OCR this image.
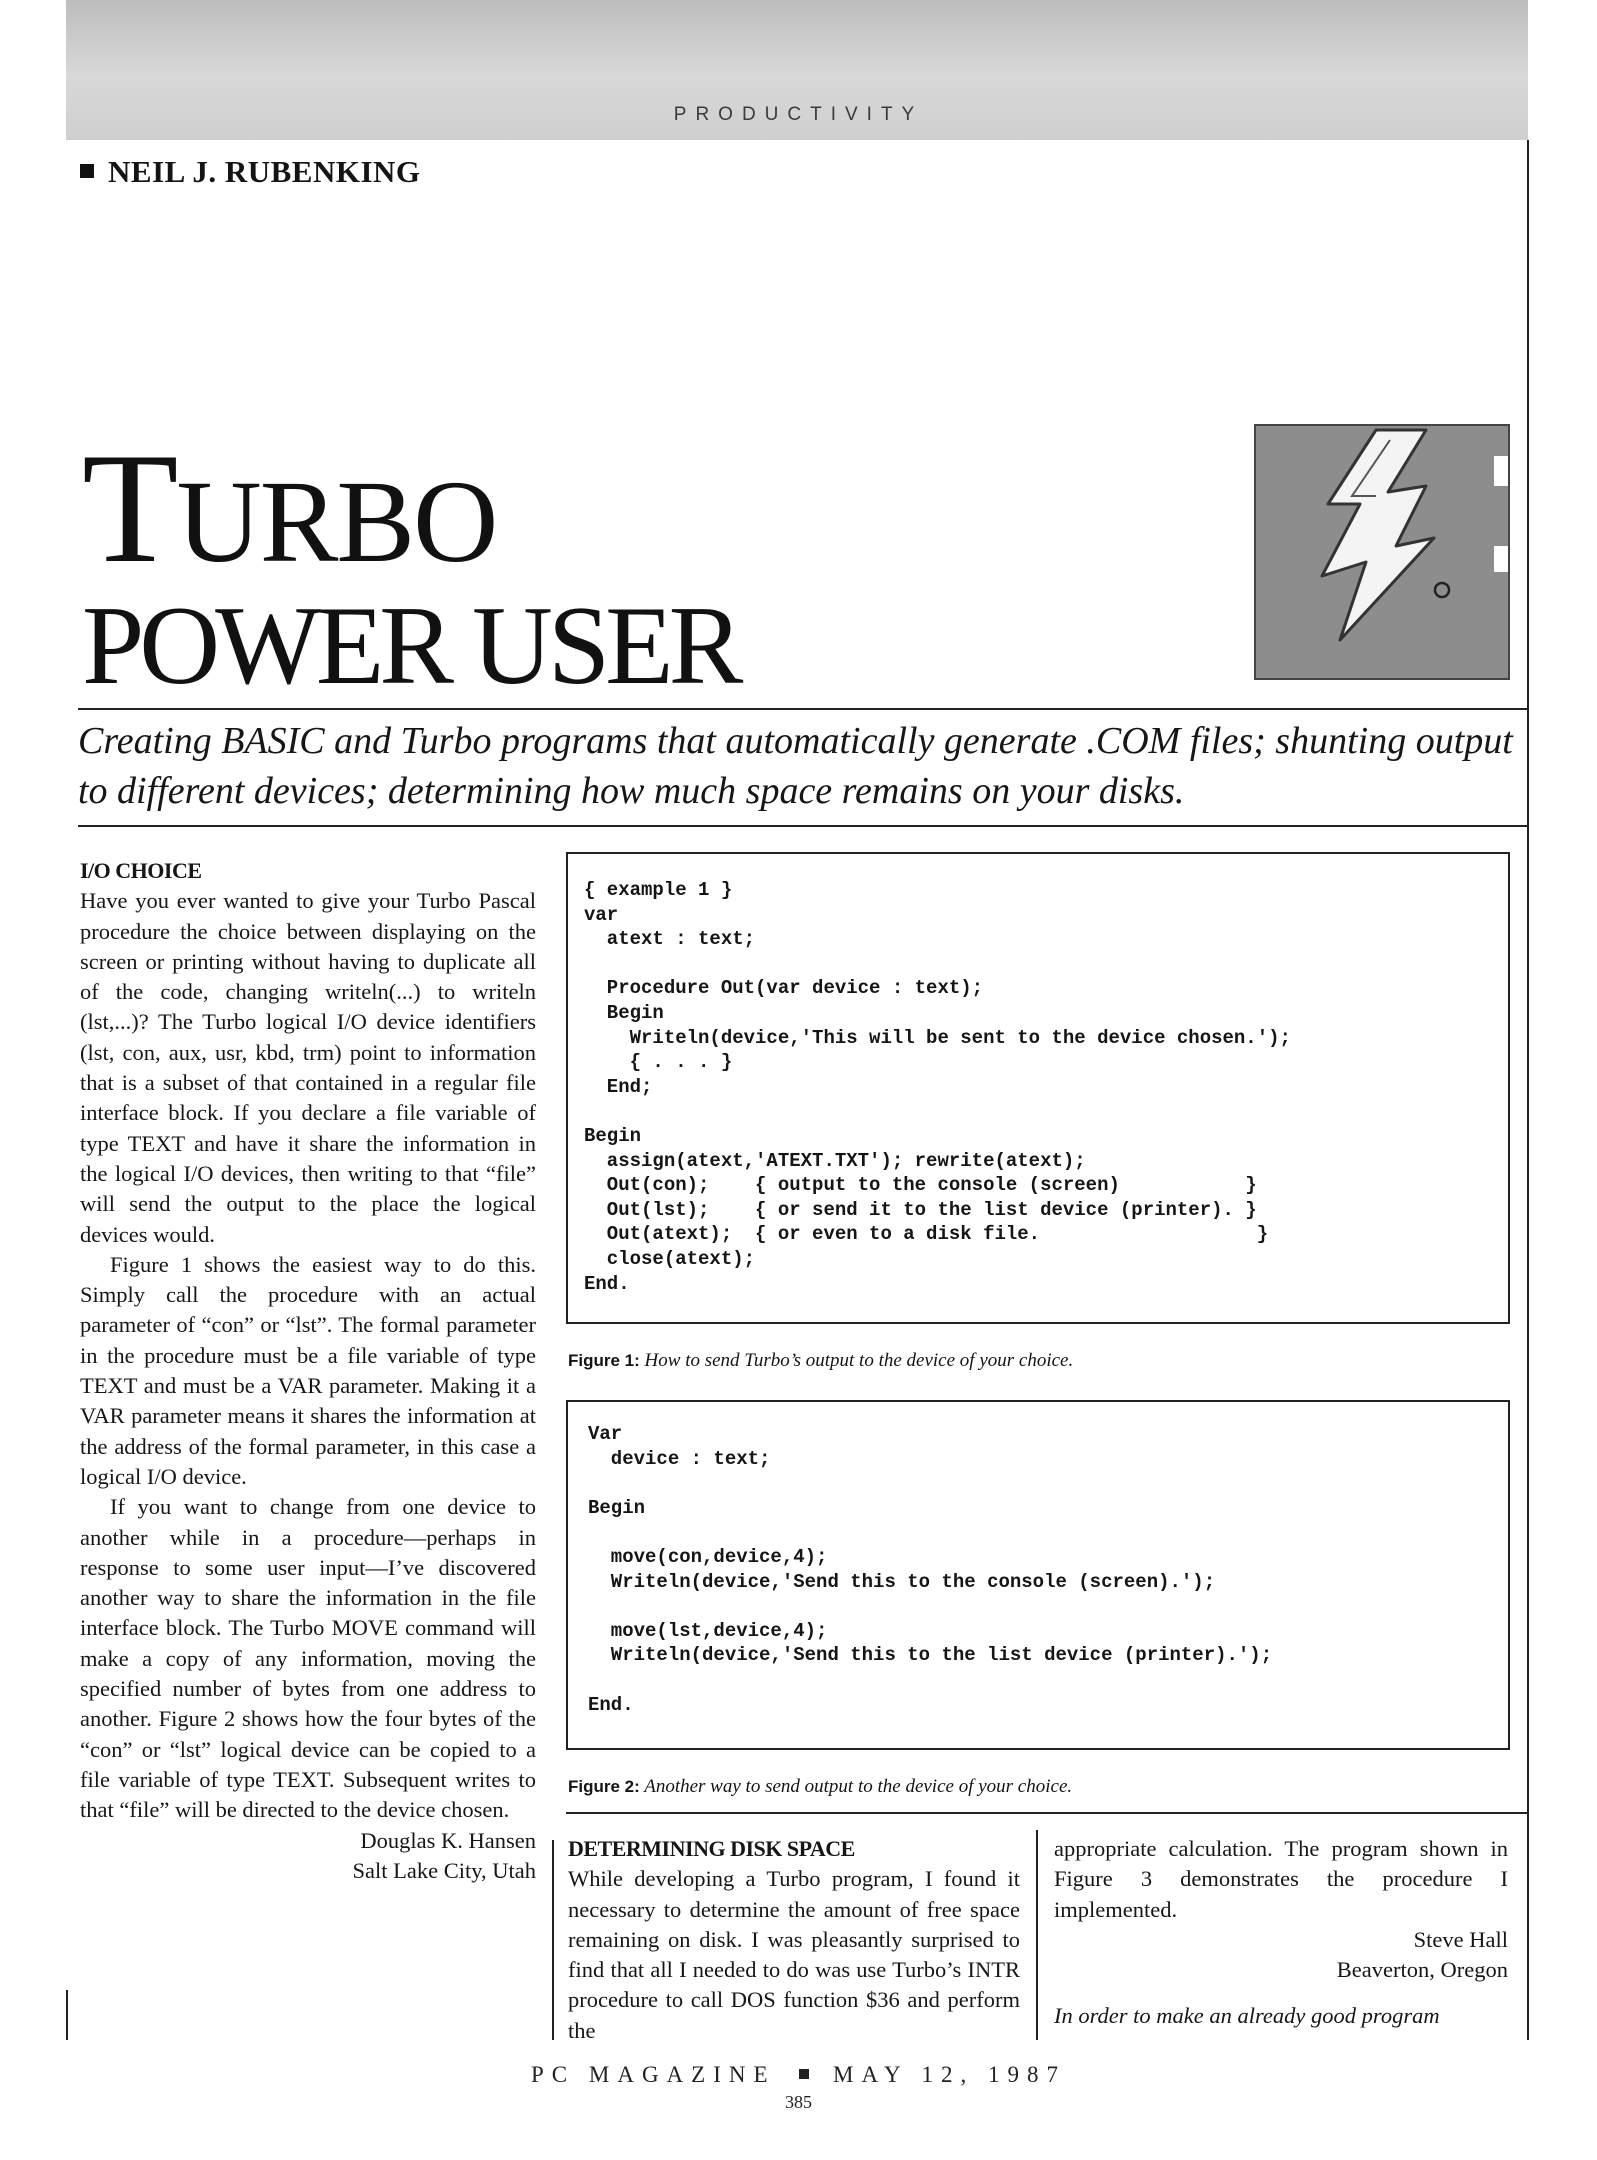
PRODUCTIVITY
NEIL J. RUBENKING
TURBO
POWER USER
Creating BASIC and Turbo programs that automatically generate .COM files; shunting output to different devices; determining how much space remains on your disks.

I/O CHOICE

Have you ever wanted to give your Turbo Pascal procedure the choice between displaying on the screen or printing without having to duplicate all of the code, changing writeln(...) to writeln (lst,...)? The Turbo logical I/O device identifiers (lst, con, aux, usr, kbd, trm) point to information that is a subset of that contained in a regular file interface block. If you declare a file variable of type TEXT and have it share the information in the logical I/O devices, then writing to that “file” will send the output to the place the logical devices would.

Figure 1 shows the easiest way to do this. Simply call the procedure with an actual parameter of “con” or “lst”. The formal parameter in the procedure must be a file variable of type TEXT and must be a VAR parameter. Making it a VAR parameter means it shares the information at the address of the formal parameter, in this case a logical I/O device.

If you want to change from one device to another while in a procedure—perhaps in response to some user input—I’ve discovered another way to share the information in the file interface block. The Turbo MOVE command will make a copy of any information, moving the specified number of bytes from one address to another. Figure 2 shows how the four bytes of the “con” or “lst” logical device can be copied to a file variable of type TEXT. Subsequent writes to that “file” will be directed to the device chosen.

Douglas K. Hansen

Salt Lake City, Utah

{ example 1 }
var
atext : text;

Procedure Out(var device : text);
Begin
Writeln(device,'This will be sent to the device chosen.');
{ . . . }
End;

Begin
assign(atext,'ATEXT.TXT'); rewrite(atext);
Out(con);    { output to the console (screen)           }
Out(lst);    { or send it to the list device (printer). }
Out(atext);  { or even to a disk file.                   }
close(atext);
End.
Figure 1: How to send Turbo’s output to the device of your choice.
Var
device : text;

Begin

move(con,device,4);
Writeln(device,'Send this to the console (screen).');

move(lst,device,4);
Writeln(device,'Send this to the list device (printer).');

End.
Figure 2: Another way to send output to the device of your choice.

DETERMINING DISK SPACE

While developing a Turbo program, I found it necessary to determine the amount of free space remaining on disk. I was pleasantly surprised to find that all I needed to do was use Turbo’s INTR procedure to call DOS function $36 and perform the

appropriate calculation. The program shown in Figure 3 demonstrates the procedure I implemented.

Steve Hall

Beaverton, Oregon

In order to make an already good program

PC MAGAZINE	MAY 12, 1987
385
